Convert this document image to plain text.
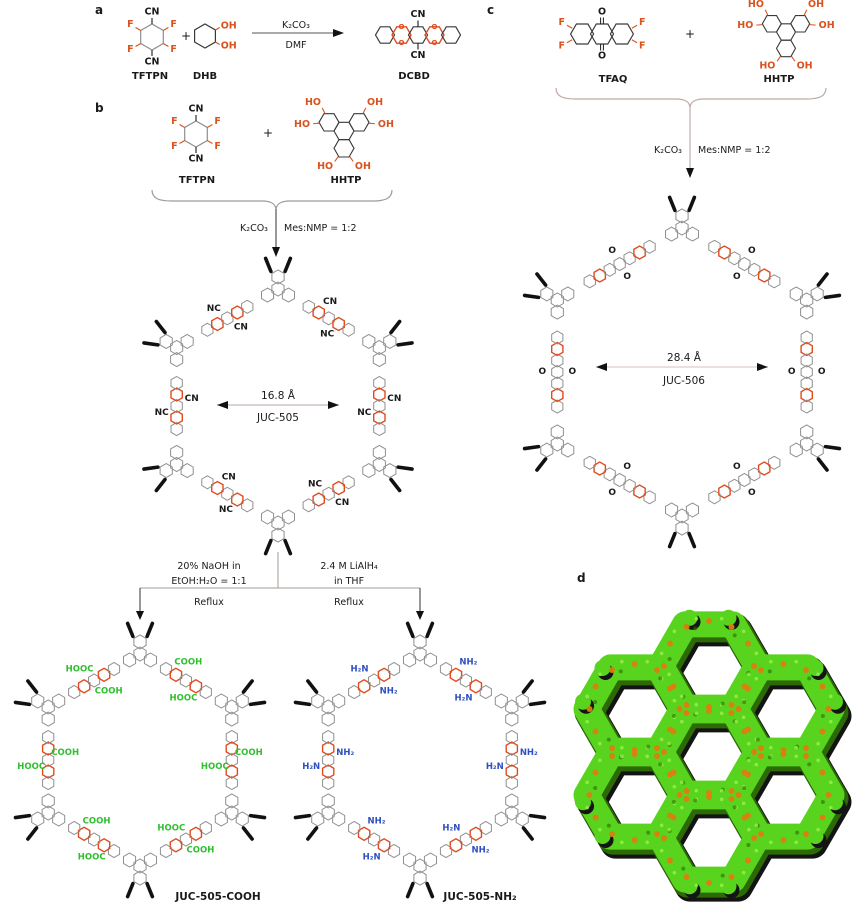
a	CN
CN
F
F	F
F
TFTPN
+
OH
OH
DHB
K₂CO₃
DMF
O
O
O
O
CN
CN
DCBD
b	CN
CN
F
F	F
F
TFTPN
+
HO
HO	OH
OH
OH
HO
HHTP
K₂CO₃ Mes:NMP = 1:2
CN
NC
CN
NC
CN
NC
NC
CN
NC
CN
NC
CN
16.8 Å
JUC-505
20% NaOH in
EtOH:H₂O = 1:1
Reflux
2.4 M LiAlH₄
in THF
Reflux
COOH
HOOC
COOH
HOOC
COOH
HOOC
HOOC
COOH
HOOC
COOH
HOOC
COOH
JUC-505-COOH
NH₂
H₂N
NH₂
H₂N
NH₂
H₂N
H₂N
NH₂
H₂N
NH₂
H₂N
NH₂
JUC-505-NH₂
c	O
O
F
F
F
F
TFAQ
+
HO
HO	OH
OH
OH
HO
HHTP
K₂CO₃ Mes:NMP = 1:2
O
O
O
O
O
O
O
O
O O
O
O
28.4 Å
JUC-506
d
